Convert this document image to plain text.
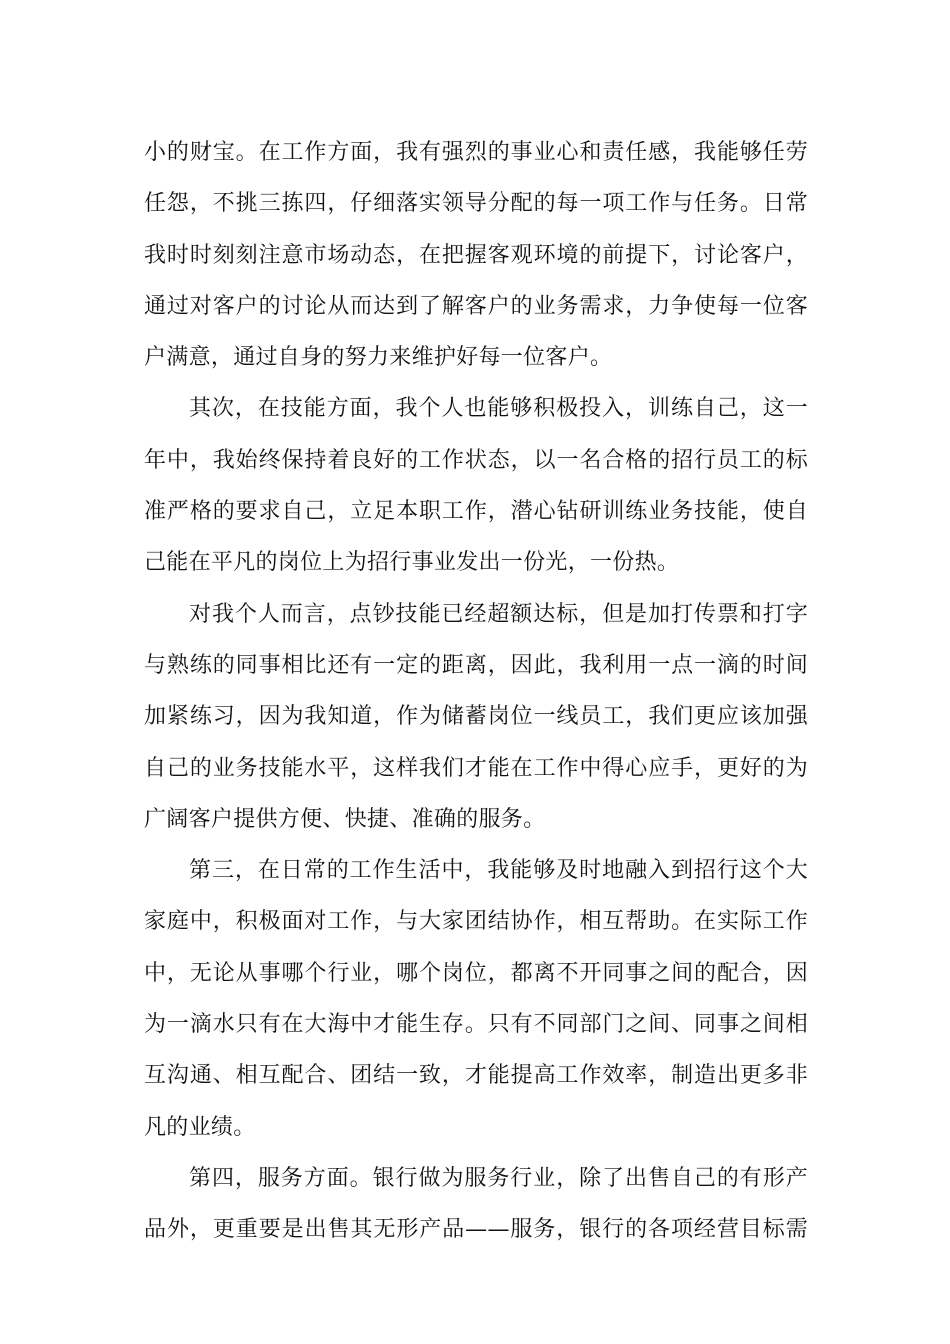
小的财宝。在工作方面，我有强烈的事业心和责任感，我能够任劳
任怨，不挑三拣四，仔细落实领导分配的每一项工作与任务。日常
我时时刻刻注意市场动态，在把握客观环境的前提下，讨论客户，
通过对客户的讨论从而达到了解客户的业务需求，力争使每一位客
户满意，通过自身的努力来维护好每一位客户。
其次，在技能方面，我个人也能够积极投入，训练自己，这一
年中，我始终保持着良好的工作状态，以一名合格的招行员工的标
准严格的要求自己，立足本职工作，潜心钻研训练业务技能，使自
己能在平凡的岗位上为招行事业发出一份光，一份热。
对我个人而言，点钞技能已经超额达标，但是加打传票和打字
与熟练的同事相比还有一定的距离，因此，我利用一点一滴的时间
加紧练习，因为我知道，作为储蓄岗位一线员工，我们更应该加强
自己的业务技能水平，这样我们才能在工作中得心应手，更好的为
广阔客户提供方便、快捷、准确的服务。
第三，在日常的工作生活中，我能够及时地融入到招行这个大
家庭中，积极面对工作，与大家团结协作，相互帮助。在实际工作
中，无论从事哪个行业，哪个岗位，都离不开同事之间的配合，因
为一滴水只有在大海中才能生存。只有不同部门之间、同事之间相
互沟通、相互配合、团结一致，才能提高工作效率，制造出更多非
凡的业绩。
第四，服务方面。银行做为服务行业，除了出售自己的有形产
品外，更重要是出售其无形产品——服务，银行的各项经营目标需
